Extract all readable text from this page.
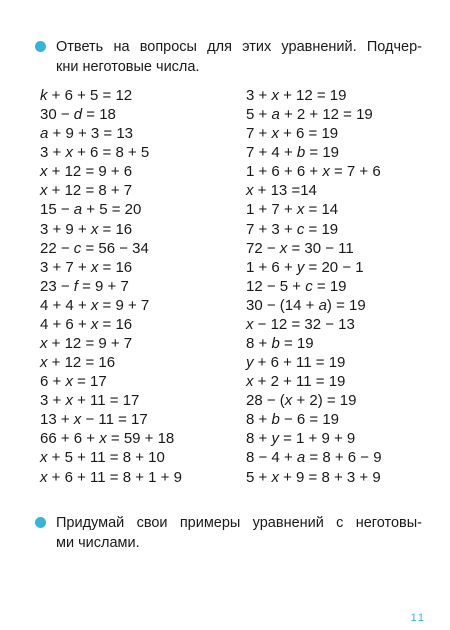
Ответь на вопросы для этих уравнений. Подчер-
кни неготовые числа.
k + 6 + 5 = 12
30 − d = 18
a + 9 + 3 = 13
3 + x + 6 = 8 + 5
x + 12 = 9 + 6
x + 12 = 8 + 7
15 − a + 5 = 20
3 + 9 + x = 16
22 − c = 56 − 34
3 + 7 + x = 16
23 − f = 9 + 7
4 + 4 + x = 9 + 7
4 + 6 + x = 16
x + 12 = 9 + 7
x + 12 = 16
6 + x = 17
3 + x + 11 = 17
13 + x − 11 = 17
66 + 6 + x = 59 + 18
x + 5 + 11 = 8 + 10
x + 6 + 11 = 8 + 1 + 9
3 + x + 12 = 19
5 + a + 2 + 12 = 19
7 + x + 6 = 19
7 + 4 + b = 19
1 + 6 + 6 + x = 7 + 6
x + 13 =14
1 + 7 + x = 14
7 + 3 + c = 19
72 − x = 30 − 11
1 + 6 + y = 20 − 1
12 − 5 + c = 19
30 − (14 + a) = 19
x − 12 = 32 − 13
8 + b = 19
y + 6 + 11 = 19
x + 2 + 11 = 19
28 − (x + 2) = 19
8 + b − 6 = 19
8 + y = 1 + 9 + 9
8 − 4 + a = 8 + 6 − 9
5 + x + 9 = 8 + 3 + 9
Придумай свои примеры уравнений с неготовы-
ми числами.
11
